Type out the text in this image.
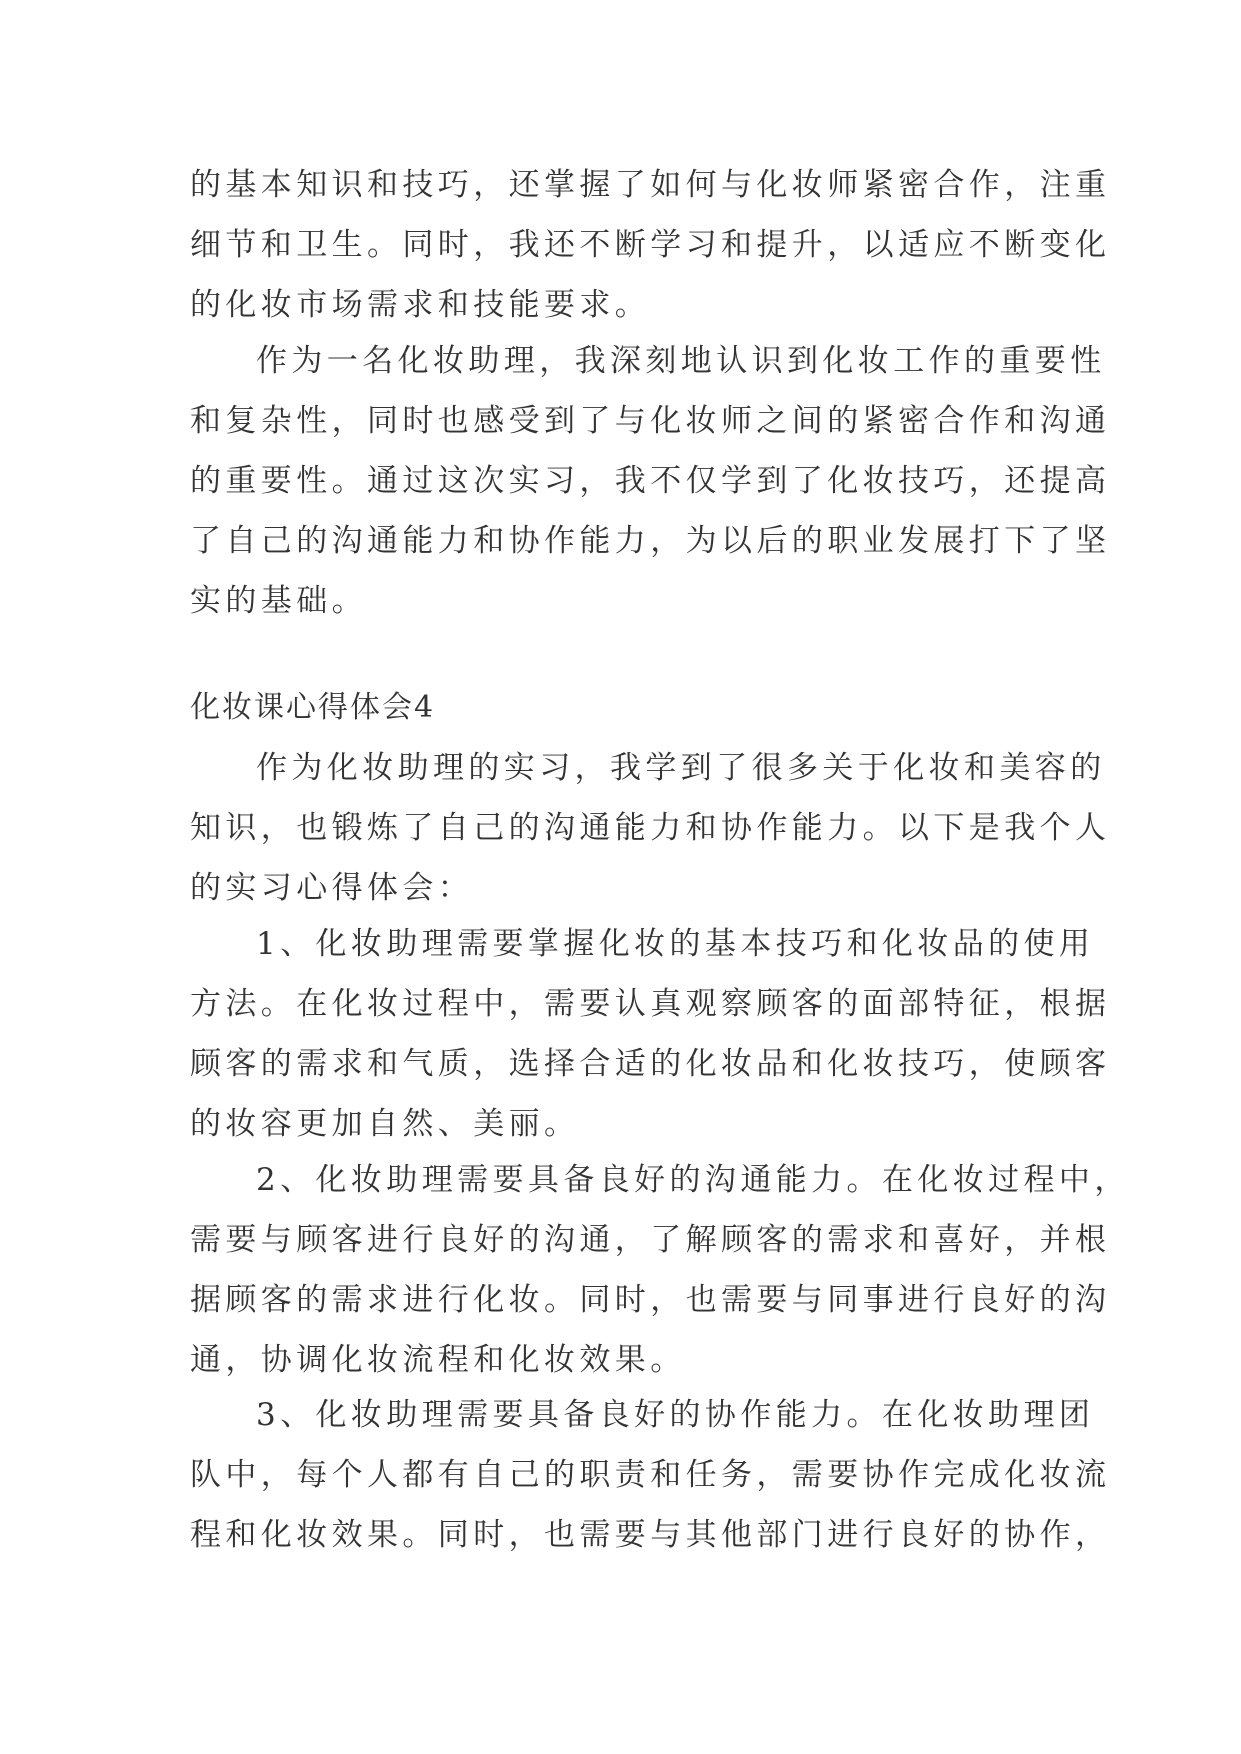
的基本知识和技巧，还掌握了如何与化妆师紧密合作，注重
细节和卫生。同时，我还不断学习和提升，以适应不断变化
的化妆市场需求和技能要求。
作为一名化妆助理，我深刻地认识到化妆工作的重要性
和复杂性，同时也感受到了与化妆师之间的紧密合作和沟通
的重要性。通过这次实习，我不仅学到了化妆技巧，还提高
了自己的沟通能力和协作能力，为以后的职业发展打下了坚
实的基础。
化妆课心得体会4
作为化妆助理的实习，我学到了很多关于化妆和美容的
知识，也锻炼了自己的沟通能力和协作能力。以下是我个人
的实习心得体会：
1、化妆助理需要掌握化妆的基本技巧和化妆品的使用
方法。在化妆过程中，需要认真观察顾客的面部特征，根据
顾客的需求和气质，选择合适的化妆品和化妆技巧，使顾客
的妆容更加自然、美丽。
2、化妆助理需要具备良好的沟通能力。在化妆过程中，
需要与顾客进行良好的沟通，了解顾客的需求和喜好，并根
据顾客的需求进行化妆。同时，也需要与同事进行良好的沟
通，协调化妆流程和化妆效果。
3、化妆助理需要具备良好的协作能力。在化妆助理团
队中，每个人都有自己的职责和任务，需要协作完成化妆流
程和化妆效果。同时，也需要与其他部门进行良好的协作，
